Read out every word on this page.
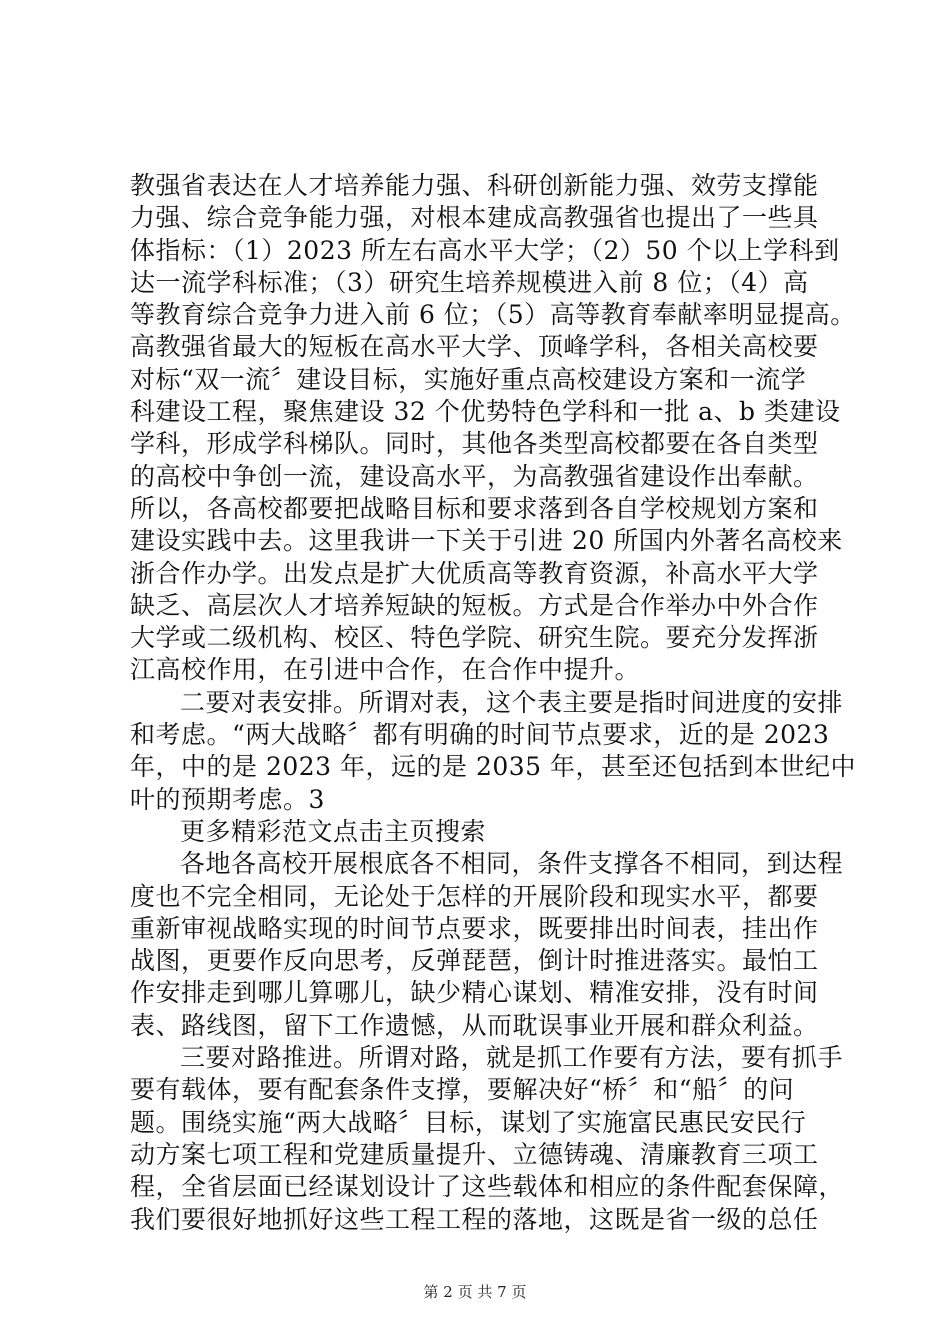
教强省表达在人才培养能力强、科研创新能力强、效劳支撑能
力强、综合竞争能力强，对根本建成高教强省也提出了一些具
体指标：（1）2023 所左右高水平大学；（2）50 个以上学科到
达一流学科标准；（3）研究生培养规模进入前 8 位；（4）高
等教育综合竞争力进入前 6 位；（5）高等教育奉献率明显提高。
高教强省最大的短板在高水平大学、顶峰学科，各相关高校要
对标“双一流〞建设目标，实施好重点高校建设方案和一流学
科建设工程，聚焦建设 32 个优势特色学科和一批 a、b 类建设
学科，形成学科梯队。同时，其他各类型高校都要在各自类型
的高校中争创一流，建设高水平，为高教强省建设作出奉献。
所以，各高校都要把战略目标和要求落到各自学校规划方案和
建设实践中去。这里我讲一下关于引进 20 所国内外著名高校来
浙合作办学。出发点是扩大优质高等教育资源，补高水平大学
缺乏、高层次人才培养短缺的短板。方式是合作举办中外合作
大学或二级机构、校区、特色学院、研究生院。要充分发挥浙
江高校作用，在引进中合作，在合作中提升。
二要对表安排。所谓对表，这个表主要是指时间进度的安排
和考虑。“两大战略〞都有明确的时间节点要求，近的是 2023
年，中的是 2023 年，远的是 2035 年，甚至还包括到本世纪中
叶的预期考虑。3
更多精彩范文点击主页搜索
各地各高校开展根底各不相同，条件支撑各不相同，到达程
度也不完全相同，无论处于怎样的开展阶段和现实水平，都要
重新审视战略实现的时间节点要求，既要排出时间表，挂出作
战图，更要作反向思考，反弹琵琶，倒计时推进落实。最怕工
作安排走到哪儿算哪儿，缺少精心谋划、精准安排，没有时间
表、路线图，留下工作遗憾，从而耽误事业开展和群众利益。
三要对路推进。所谓对路，就是抓工作要有方法，要有抓手
要有载体，要有配套条件支撑，要解决好“桥〞和“船〞的问
题。围绕实施“两大战略〞目标，谋划了实施富民惠民安民行
动方案七项工程和党建质量提升、立德铸魂、清廉教育三项工
程，全省层面已经谋划设计了这些载体和相应的条件配套保障，
我们要很好地抓好这些工程工程的落地，这既是省一级的总任
第 2 页 共 7 页
